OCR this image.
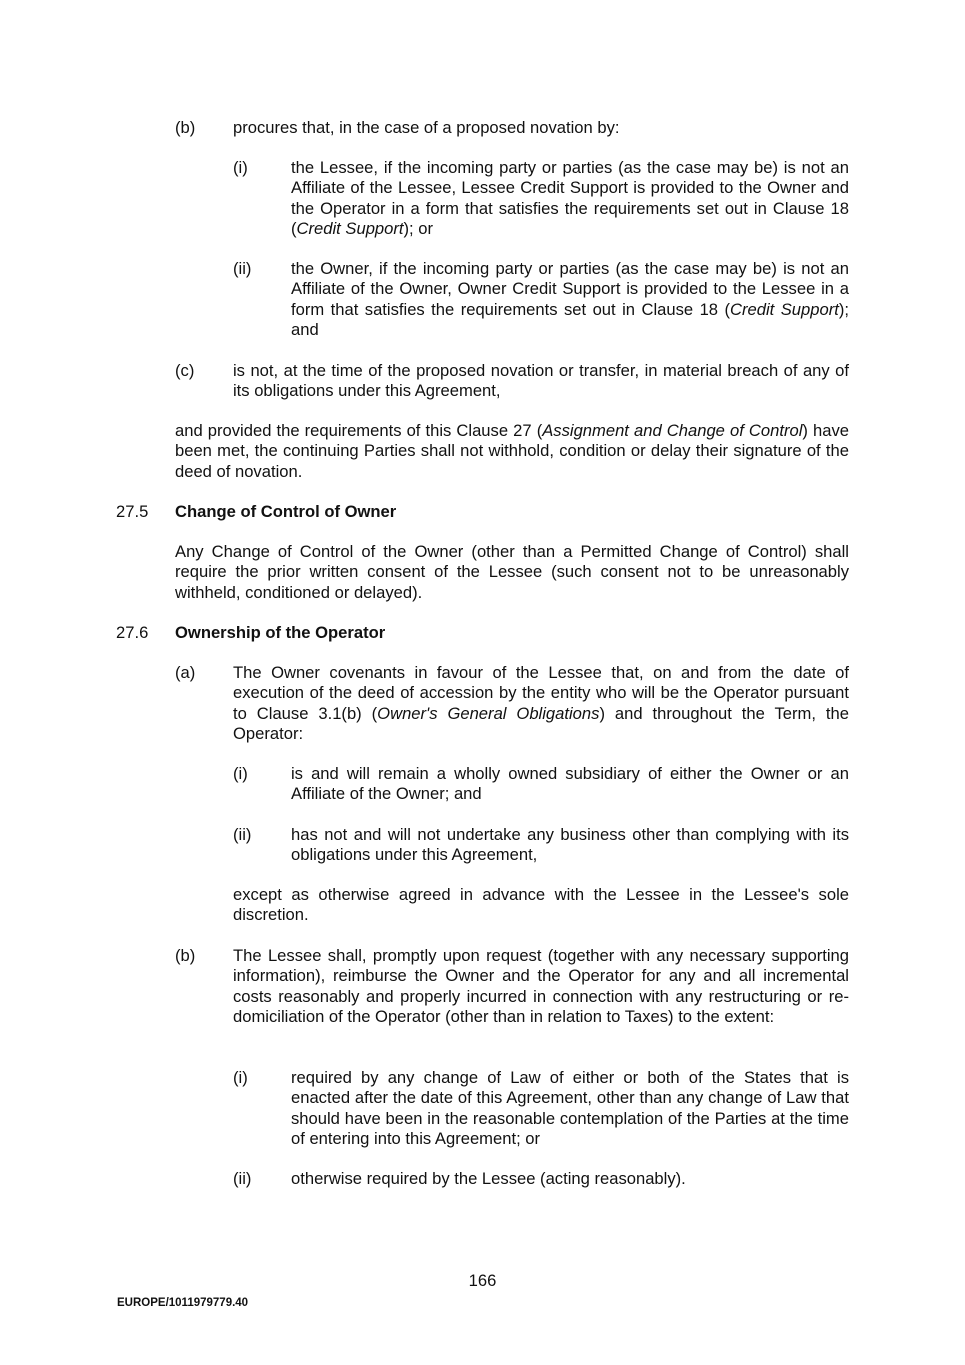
(b) procures that, in the case of a proposed novation by:
(i)	the Lessee, if the incoming party or parties (as the case may be) is not an Affiliate of the Lessee, Lessee Credit Support is provided to the Owner and the Operator in a form that satisfies the requirements set out in Clause 18 (Credit Support); or
(ii) the Owner, if the incoming party or parties (as the case may be) is not an Affiliate of the Owner, Owner Credit Support is provided to the Lessee in a form that satisfies the requirements set out in Clause 18 (Credit Support); and
(c) is not, at the time of the proposed novation or transfer, in material breach of any of its obligations under this Agreement,
and provided the requirements of this Clause 27 (Assignment and Change of Control) have been met, the continuing Parties shall not withhold, condition or delay their signature of the deed of novation.
27.5 Change of Control of Owner
Any Change of Control of the Owner (other than a Permitted Change of Control) shall require the prior written consent of the Lessee (such consent not to be unreasonably withheld, conditioned or delayed).
27.6 Ownership of the Operator
(a) The Owner covenants in favour of the Lessee that, on and from the date of execution of the deed of accession by the entity who will be the Operator pursuant to Clause 3.1(b) (Owner's General Obligations) and throughout the Term, the Operator:
(i)	is and will remain a wholly owned subsidiary of either the Owner or an Affiliate of the Owner; and
(ii) has not and will not undertake any business other than complying with its obligations under this Agreement,
except as otherwise agreed in advance with the Lessee in the Lessee's sole discretion.
(b) The Lessee shall, promptly upon request (together with any necessary supporting information), reimburse the Owner and the Operator for any and all incremental costs reasonably and properly incurred in connection with any restructuring or re-domiciliation of the Operator (other than in relation to Taxes) to the extent:
(i)	required by any change of Law of either or both of the States that is enacted after the date of this Agreement, other than any change of Law that should have been in the reasonable contemplation of the Parties at the time of entering into this Agreement; or
(ii) otherwise required by the Lessee (acting reasonably).
166
EUROPE/1011979779.40
